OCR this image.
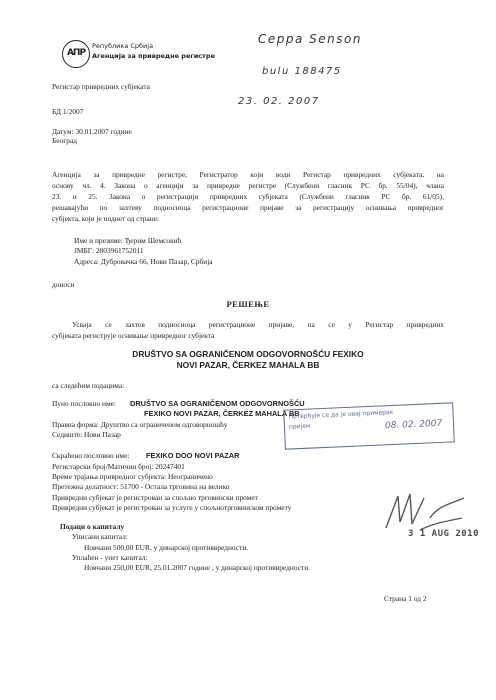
АПР
Република Србија
Агенција за привредне регистре
Регистар привредних субјеката
БД 1/2007
Датум: 30.01.2007 године
Београд
Серра Senson
bulu 188475
23. 02. 2007
Агенција за привредне регистре, Регистратор који води Регистар привредних субјеката, на
основу чл. 4. Закона о агенцији за привредне регистре (Службени гласник РС бр. 55/04), члана
23. и 25. Закона о регистрацији привредних субјеката (Службени гласник РС бр. 61/05),
решавајући по захтеву подносиоца регистрационе пријаве за регистрацију оснивања привредног
субјекта, који је поднет од стране:
Име и презиме: Ђерим Шемсовић
ЈМБГ: 2803961752011
Адреса: Дубровачка 66, Нови Пазар, Србија
доноси
РЕШЕЊЕ
Усваја се захтев подносиоца регистрационе пријаве, па се у Регистар привредних
субјеката региструје оснивање привредног субјекта
DRUŠTVO SA OGRANIČENOM ODGOVORNOŠĆU FEXIKO
NOVI PAZAR, ČERKEZ MAHALA BB
са следећим подацима:
Пуно пословно име: DRUŠTVO SA OGRANIČENOM ODGOVORNOŠĆU
FEXIKO NOVI PAZAR, ČERKEZ MAHALA BB
Правна форма: Друштво са ограниченом одговорношћу
Седиште: Нови Пазар
Скраћено пословно име: FEXIKO DOO NOVI PAZAR
Регистарски број/Матични број: 20247401
Време трајања привредног субјекта: Неограничено
Претежна делатност: 51700 - Остала трговина на велико
Привредни субјекат је регистрован за спољно трговински промет
Привредни субјекат је регистрован за услуге у спољнотрговинском промету
Подаци о капиталу
Уписани капитал:
Новчани 500,00 EUR, у динарској противвредности.
Уплаћен - унет капитал:
Новчани 250,00 EUR, 25.01.2007 године , у динарској противвредности.
Потврђује се да је овај примерак
пријем	08. 02. 2007
3 1 AUG 2010
Страна 1 од 2
